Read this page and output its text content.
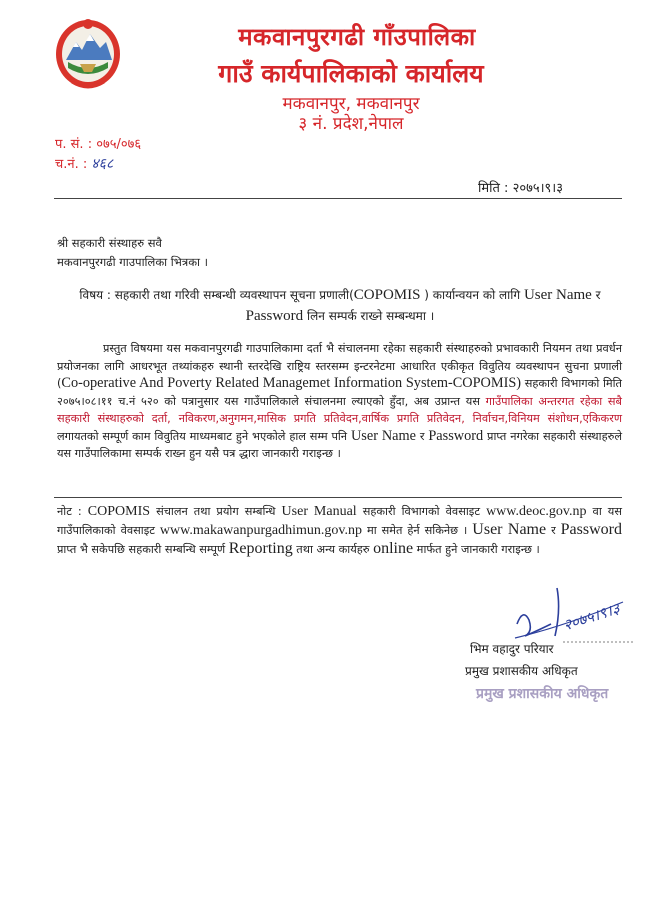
मकवानपुरगढी गाँउपालिका
गाउँ कार्यपालिकाको कार्यालय
मकवानपुर, मकवानपुर
३ नं. प्रदेश,नेपाल
प. सं. : ०७५/०७६
च.नं. : ४६८
मिति : २०७५।९।३
श्री सहकारी संस्थाहरु सवै
मकवानपुरगढी गाउपालिका भित्रका ।
विषय : सहकारी तथा गरिवी सम्बन्धी व्यवस्थापन सूचना प्रणाली(COPOMIS ) कार्यान्वयन को लागि User Name र Password लिन सम्पर्क राख्ने सम्बन्धमा ।
प्रस्तुत विषयमा यस मकवानपुरगढी गाउपालिकामा दर्ता भै संचालनमा रहेका सहकारी संस्थाहरुको प्रभावकारी नियमन तथा प्रवर्धन प्रयोजनका लागि आधरभूत तथ्यांकहरु स्थानी स्तरदेखि राष्ट्रिय स्तरसम्म इन्टरनेटमा आधारित एकीकृत विवुतिय व्यवस्थापन सुचना प्रणाली (Co-operative And Poverty Related Managemet Information System-COPOMIS) सहकारी विभागको मिति २०७५।०८।११ च.नं ५२० को पत्रानुसार यस गाउँपालिकाले संचालनमा ल्याएको हुँदा, अब उप्रान्त यस गाउँपालिका अन्तरगत रहेका सबै सहकारी संस्थाहरुको दर्ता, नविकरण,अनुगमन,मासिक प्रगति प्रतिवेदन,वार्षिक प्रगति प्रतिवेदन, निर्वाचन,विनियम संशोधन,एकिकरण लगायतको सम्पूर्ण काम विवुतिय माध्यमबाट हुने भएकोले हाल सम्म पनि User Name र Password प्राप्त नगरेका सहकारी संस्थाहरुले यस गाउँपालिकामा सम्पर्क राख्न हुन यसै पत्र द्धारा जानकारी गराइन्छ ।
नोट : COPOMIS संचालन तथा प्रयोग सम्बन्धि User Manual सहकारी विभागको वेवसाइट www.deoc.gov.np वा यस गाउँपालिकाको वेवसाइट www.makawanpurgadhimun.gov.np मा समेत हेर्न सकिनेछ । User Name र Password प्राप्त भै सकेपछि सहकारी सम्बन्धि सम्पूर्ण Reporting तथा अन्य कार्यहरु online मार्फत हुने जानकारी गराइन्छ ।
२०७५।९।३
भिम वहादुर परियार
प्रमुख प्रशासकीय अधिकृत
प्रमुख प्रशासकीय अधिकृत
